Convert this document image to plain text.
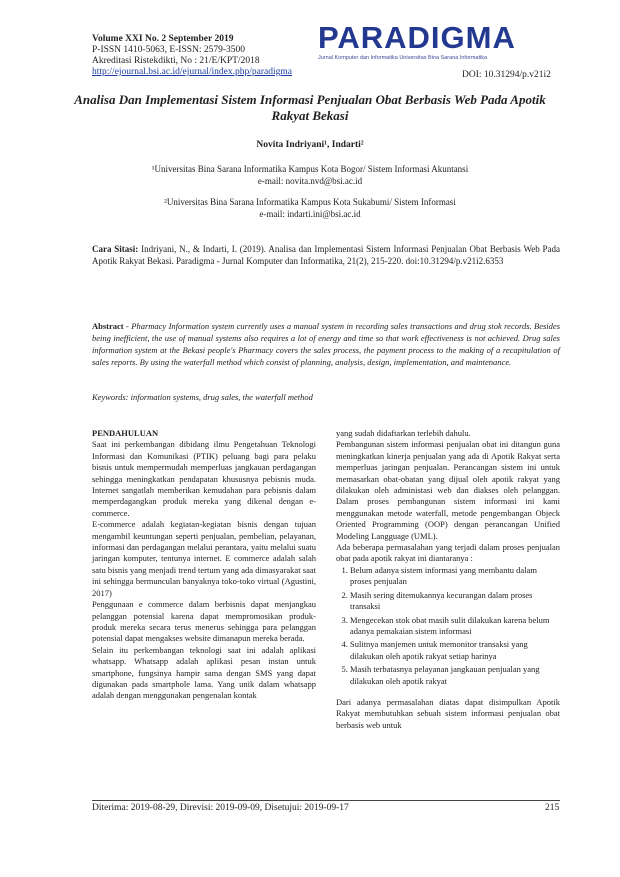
Volume XXI No. 2 September 2019
P-ISSN 1410-5063, E-ISSN: 2579-3500
Akreditasi Ristekdikti, No : 21/E/KPT/2018
http://ejournal.bsi.ac.id/ejurnal/index.php/paradigma	DOI: 10.31294/p.v21i2
PARADIGMA
Jurnal Komputer dan Informatika Universitas Bina Sarana Informatika
Analisa Dan Implementasi Sistem Informasi Penjualan Obat Berbasis Web Pada Apotik Rakyat Bekasi
Novita Indriyani¹, Indarti²
¹Universitas Bina Sarana Informatika Kampus Kota Bogor/ Sistem Informasi Akuntansi
e-mail: novita.nvd@bsi.ac.id
²Universitas Bina Sarana Informatika Kampus Kota Sukabumi/ Sistem Informasi
e-mail: indarti.ini@bsi.ac.id
Cara Sitasi: Indriyani, N., & Indarti, I. (2019). Analisa dan Implementasi Sistem Informasi Penjualan Obat Berbasis Web Pada Apotik Rakyat Bekasi. Paradigma - Jurnal Komputer dan Informatika, 21(2), 215-220. doi:10.31294/p.v21i2.6353
Abstract - Pharmacy Information system currently uses a manual system in recording sales transactions and drug stok records. Besides being inefficient, the use of manual systems also requires a lot of energy and time so that work effectiveness is not achieved. Drug sales information system at the Bekasi people's Pharmacy covers the sales process, the payment process to the making of a recapitulation of sales reports. By using the waterfall method which consist of planning, analysis, design, implementation, and maintenance.
Keywords: information systems, drug sales, the waterfall method

PENDAHULUAN

Saat ini perkembangan dibidang ilmu Pengetahuan Teknologi Informasi dan Komunikasi (PTIK) peluang bagi para pelaku bisnis untuk mempermudah memperluas jangkauan perdagangan sehingga meningkatkan pendapatan khususnya pebisnis muda. Internet sangatlah memberikan kemudahan para pebisnis dalam memperdagangkan produk mereka yang dikenal dengan e-commerce.

E-commerce adalah kegiatan-kegiatan bisnis dengan tujuan mengambil keuntungan seperti penjualan, pembelian, pelayanan, informasi dan perdagangan melalui perantara, yaitu melalui suatu jaringan komputer, tentunya internet. E commerce adalah salah satu bisnis yang menjadi trend tertum yang ada dimasyarakat saat ini sehingga bermunculan banyaknya toko-toko virtual (Agustini, 2017)

Penggunaan e commerce dalam berbisnis dapat menjangkau pelanggan potensial karena dapat mempromosikan produk-produk mereka secara terus menerus sehingga para pelanggan potensial dapat mengakses website dimanapun mereka berada.

Selain itu perkembangan teknologi saat ini adalah aplikasi whatsapp. Whatsapp adalah aplikasi pesan instan untuk smartphone, fungsinya hampir sama dengan SMS yang dapat digunakan pada smartphole lama. Yang unik dalam whatsapp adalah dengan menggunakan pengenalan kontak

yang sudah didaftarkan terlebih dahulu.

Pembangunan sistem informasi penjualan obat ini ditangun guna meningkatkan kinerja penjualan yang ada di Apotik Rakyat serta memperluas jaringan penjualan. Perancangan sistem ini untuk memasarkan obat-obatan yang dijual oleh apotik rakyat yang dilakukan oleh administasi web dan diakses oleh pelanggan. Dalam proses pembangunan sistem informasi ini kami menggunakan metode waterfall, metode pengembangan Objeck Oriented Programming (OOP) dengan perancangan Unified Modeling Langguage (UML).

Ada beberapa permasalahan yang terjadi dalam proses penjualan obat pada apotik rakyat ini diantaranya :

1. Belum adanya sistem informasi yang membantu dalam proses penjualan
2. Masih sering ditemukannya kecurangan dalam proses transaksi
3. Mengecekan stok obat masih sulit dilakukan karena belum adanya pemakaian sistem informasi
4. Sulitnya manjemen untuk memonitor transaksi yang dilakukan oleh apotik rakyat setiap harinya
5. Masih terbatasnya pelayanan jangkauan penjualan yang dilakukan oleh apotik rakyat

Dari adanya permasalahan diatas dapat disimpulkan Apotik Rakyat membutuhkan sebuah sistem informasi penjualan obat berbasis web untuk

Diterima: 2019-08-29, Direvisi: 2019-09-09, Disetujui: 2019-09-17	215
